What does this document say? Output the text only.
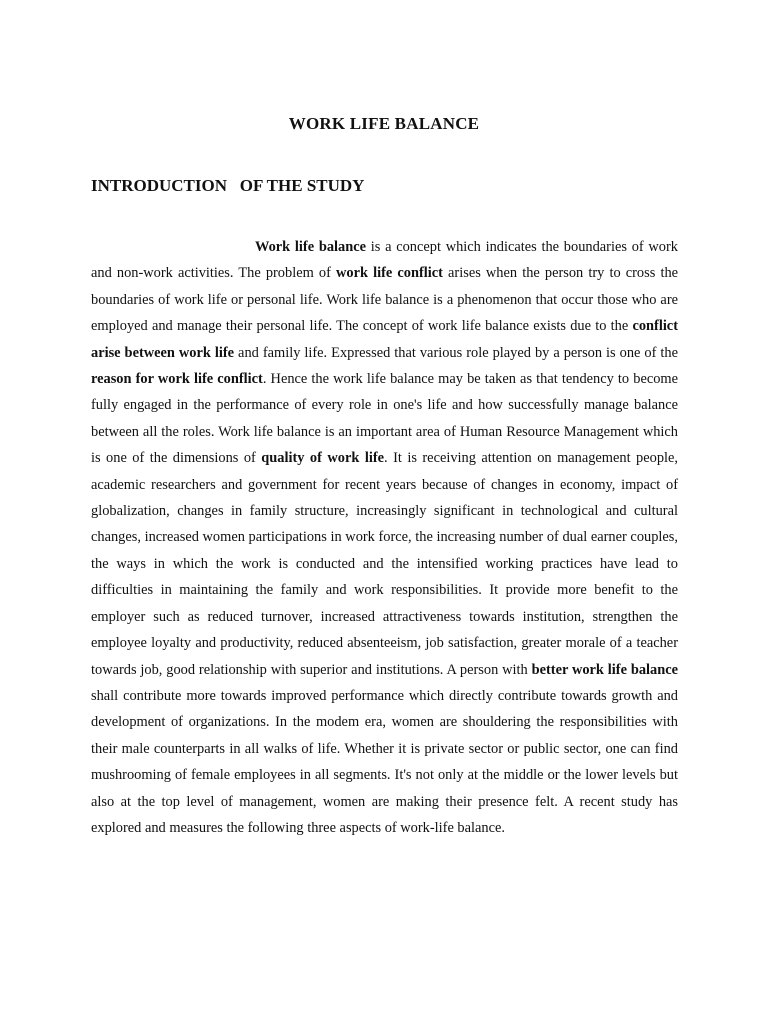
WORK LIFE BALANCE
INTRODUCTION   OF THE STUDY

Work life balance is a concept which indicates the boundaries of work and non-work activities. The problem of work life conflict arises when the person try to cross the boundaries of work life or personal life. Work life balance is a phenomenon that occur those who are employed and manage their personal life. The concept of work life balance exists due to the conflict arise between work life and family life. Expressed that various role played by a person is one of the reason for work life conflict. Hence the work life balance may be taken as that tendency to become fully engaged in the performance of every role in one's life and how successfully manage balance between all the roles. Work life balance is an important area of Human Resource Management which is one of the dimensions of quality of work life. It is receiving attention on management people, academic researchers and government for recent years because of changes in economy, impact of globalization, changes in family structure, increasingly significant in technological and cultural changes, increased women participations in work force, the increasing number of dual earner couples, the ways in which the work is conducted and the intensified working practices have lead to difficulties in maintaining the family and work responsibilities. It provide more benefit to the employer such as reduced turnover, increased attractiveness towards institution, strengthen the employee loyalty and productivity, reduced absenteeism, job satisfaction, greater morale of a teacher towards job, good relationship with superior and institutions. A person with better work life balance shall contribute more towards improved performance which directly contribute towards growth and development of organizations. In the modem era, women are shouldering the responsibilities with their male counterparts in all walks of life. Whether it is private sector or public sector, one can find mushrooming of female employees in all segments. It's not only at the middle or the lower levels but also at the top level of management, women are making their presence felt. A recent study has explored and measures the following three aspects of work-life balance.
